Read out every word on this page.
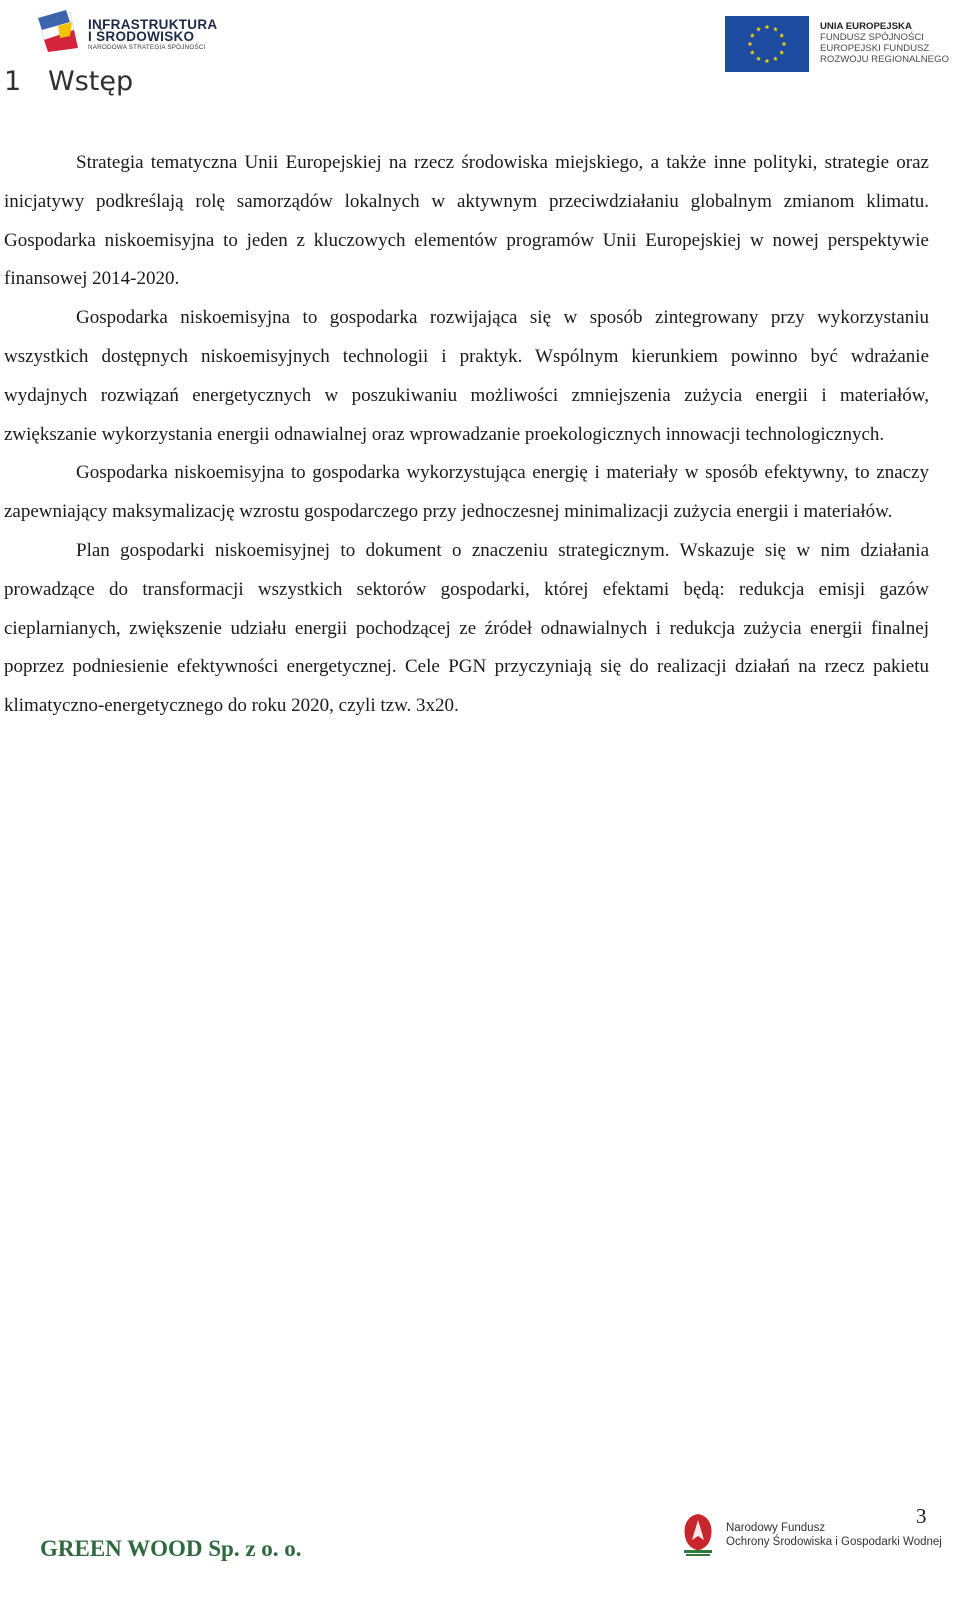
INFRASTRUKTURA
I ŚRODOWISKO
NARODOWA STRATEGIA SPÓJNOŚCI
UNIA EUROPEJSKA
FUNDUSZ SPÓJNOŚCI
EUROPEJSKI FUNDUSZ
ROZWOJU REGIONALNEGO
1 Wstęp

Strategia tematyczna Unii Europejskiej na rzecz środowiska miejskiego, a także inne polityki, strategie oraz inicjatywy podkreślają rolę samorządów lokalnych w aktywnym przeciwdziałaniu globalnym zmianom klimatu. Gospodarka niskoemisyjna to jeden z kluczowych elementów programów Unii Europejskiej w nowej perspektywie finansowej 2014-2020.

Gospodarka niskoemisyjna to gospodarka rozwijająca się w sposób zintegrowany przy wykorzystaniu wszystkich dostępnych niskoemisyjnych technologii i praktyk. Wspólnym kierunkiem powinno być wdrażanie wydajnych rozwiązań energetycznych w poszukiwaniu możliwości zmniejszenia zużycia energii i materiałów, zwiększanie wykorzystania energii odnawialnej oraz wprowadzanie proekologicznych innowacji technologicznych.

Gospodarka niskoemisyjna to gospodarka wykorzystująca energię i materiały w sposób efektywny, to znaczy zapewniający maksymalizację wzrostu gospodarczego przy jednoczesnej minimalizacji zużycia energii i materiałów.

Plan gospodarki niskoemisyjnej to dokument o znaczeniu strategicznym. Wskazuje się w nim działania prowadzące do transformacji wszystkich sektorów gospodarki, której efektami będą: redukcja emisji gazów cieplarnianych, zwiększenie udziału energii pochodzącej ze źródeł odnawialnych i redukcja zużycia energii finalnej poprzez podniesienie efektywności energetycznej. Cele PGN przyczyniają się do realizacji działań na rzecz pakietu klimatyczno-energetycznego do roku 2020, czyli tzw. 3x20.

3
GREEN WOOD Sp. z o. o.
Narodowy Fundusz
Ochrony Środowiska i Gospodarki Wodnej
